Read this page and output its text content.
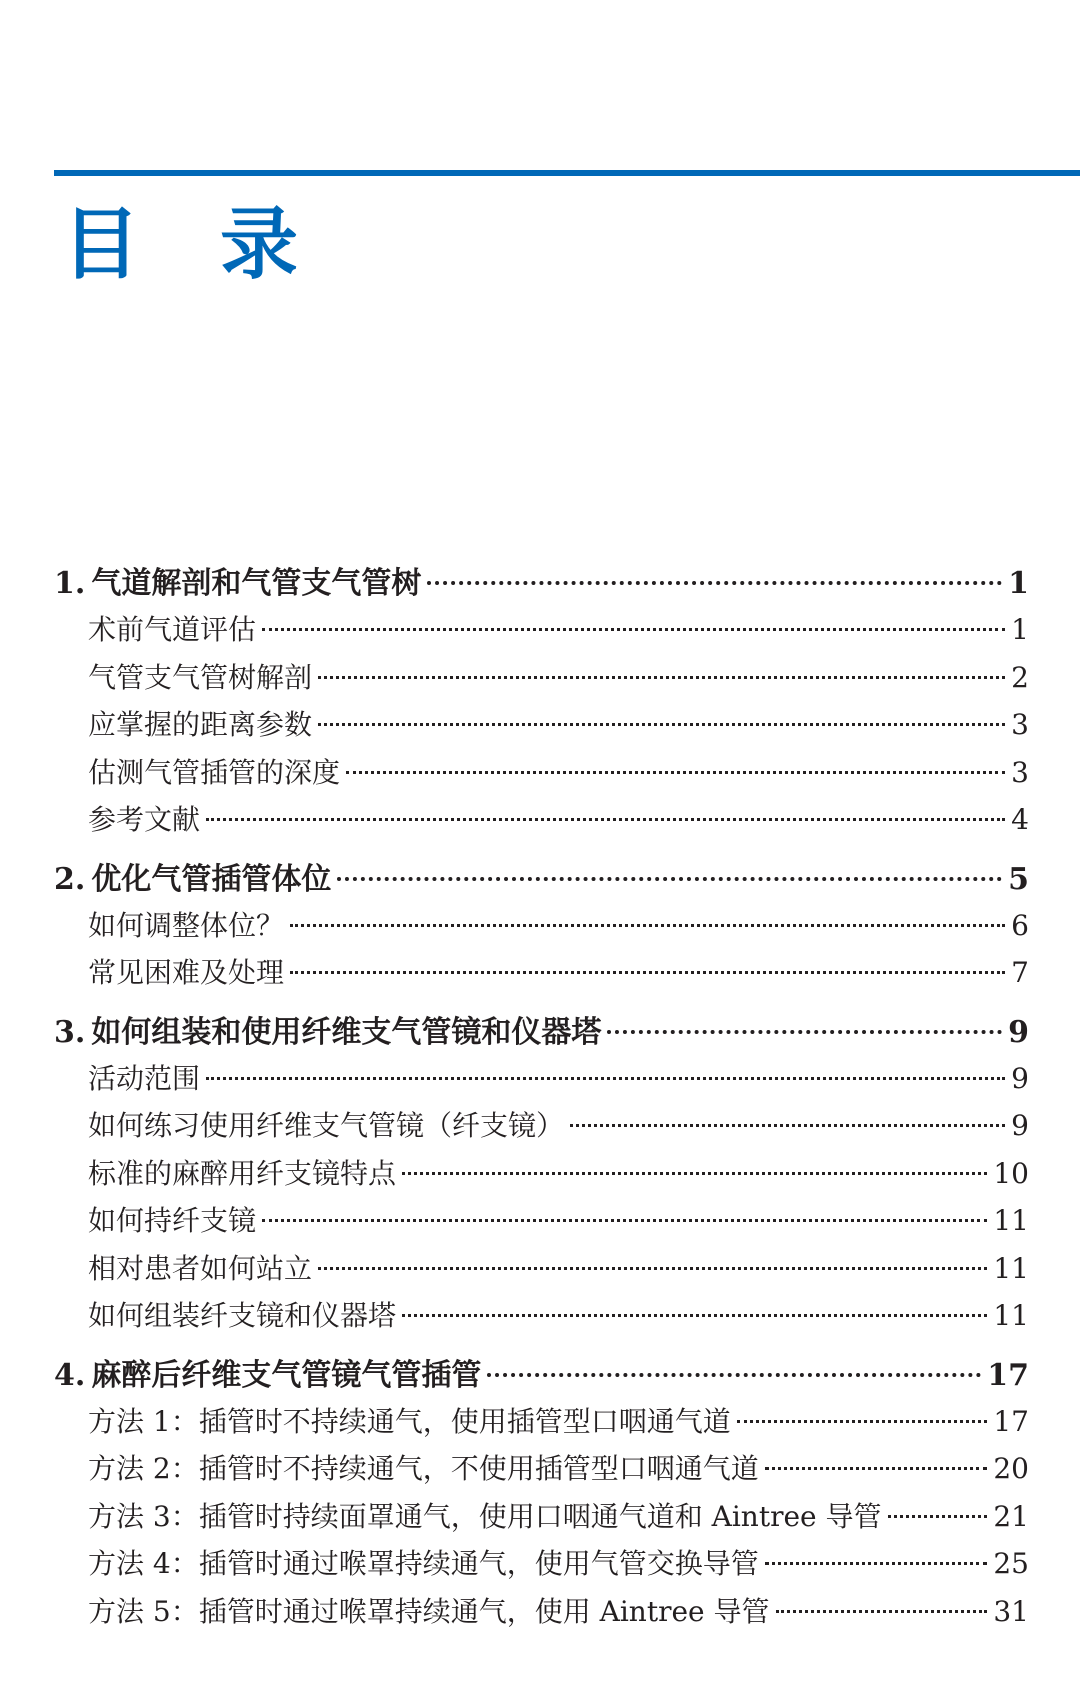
目录
1. 气道解剖和气管支气管树	1
术前气道评估	1
气管支气管树解剖	2
应掌握的距离参数	3
估测气管插管的深度	3
参考文献	4
2. 优化气管插管体位	5
如何调整体位？	6
常见困难及处理	7
3. 如何组装和使用纤维支气管镜和仪器塔	9
活动范围	9
如何练习使用纤维支气管镜（纤支镜）	9
标准的麻醉用纤支镜特点	10
如何持纤支镜	11
相对患者如何站立	11
如何组装纤支镜和仪器塔	11
4. 麻醉后纤维支气管镜气管插管	17
方法 1：插管时不持续通气，使用插管型口咽通气道	17
方法 2：插管时不持续通气，不使用插管型口咽通气道	20
方法 3：插管时持续面罩通气，使用口咽通气道和 Aintree 导管	21
方法 4：插管时通过喉罩持续通气，使用气管交换导管	25
方法 5：插管时通过喉罩持续通气，使用 Aintree 导管	31
